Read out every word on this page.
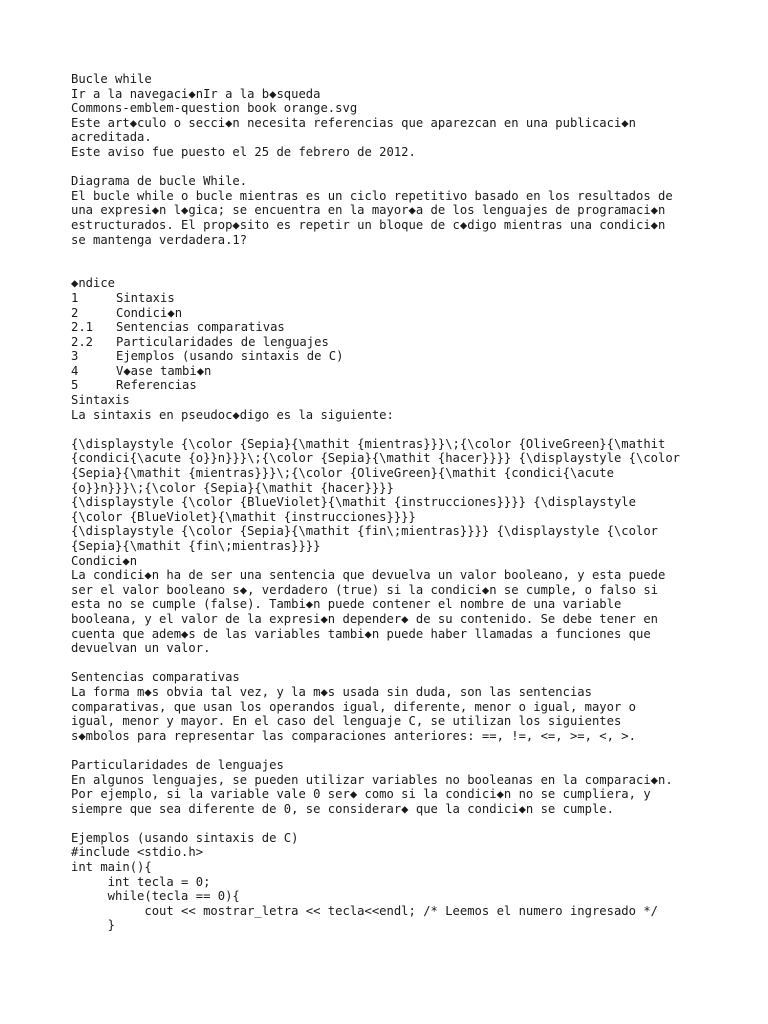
Bucle while
Ir a la navegaci◆nIr a la b◆squeda
Commons-emblem-question book orange.svg
Este art◆culo o secci◆n necesita referencias que aparezcan en una publicaci◆n
acreditada.
Este aviso fue puesto el 25 de febrero de 2012.
Diagrama de bucle While.
El bucle while o bucle mientras es un ciclo repetitivo basado en los resultados de
una expresi◆n l◆gica; se encuentra en la mayor◆a de los lenguajes de programaci◆n
estructurados. El prop◆sito es repetir un bloque de c◆digo mientras una condici◆n
se mantenga verdadera.1?
◆ndice
1	Sintaxis
2	Condici◆n
2.1	Sentencias comparativas
2.2	Particularidades de lenguajes
3	Ejemplos (usando sintaxis de C)
4	V◆ase tambi◆n
5	Referencias
Sintaxis
La sintaxis en pseudoc◆digo es la siguiente:
{\displaystyle {\color {Sepia}{\mathit {mientras}}}\;{\color {OliveGreen}{\mathit
{condici{\acute {o}}n}}}\;{\color {Sepia}{\mathit {hacer}}}} {\displaystyle {\color
{Sepia}{\mathit {mientras}}}\;{\color {OliveGreen}{\mathit {condici{\acute
{o}}n}}}\;{\color {Sepia}{\mathit {hacer}}}}
{\displaystyle {\color {BlueViolet}{\mathit {instrucciones}}}} {\displaystyle
{\color {BlueViolet}{\mathit {instrucciones}}}}
{\displaystyle {\color {Sepia}{\mathit {fin\;mientras}}}} {\displaystyle {\color
{Sepia}{\mathit {fin\;mientras}}}}
Condici◆n
La condici◆n ha de ser una sentencia que devuelva un valor booleano, y esta puede
ser el valor booleano s◆, verdadero (true) si la condici◆n se cumple, o falso si
esta no se cumple (false). Tambi◆n puede contener el nombre de una variable
booleana, y el valor de la expresi◆n depender◆ de su contenido. Se debe tener en
cuenta que adem◆s de las variables tambi◆n puede haber llamadas a funciones que
devuelvan un valor.
Sentencias comparativas
La forma m◆s obvia tal vez, y la m◆s usada sin duda, son las sentencias
comparativas, que usan los operandos igual, diferente, menor o igual, mayor o
igual, menor y mayor. En el caso del lenguaje C, se utilizan los siguientes
s◆mbolos para representar las comparaciones anteriores: ==, !=, <=, >=, <, >.
Particularidades de lenguajes
En algunos lenguajes, se pueden utilizar variables no booleanas en la comparaci◆n.
Por ejemplo, si la variable vale 0 ser◆ como si la condici◆n no se cumpliera, y
siempre que sea diferente de 0, se considerar◆ que la condici◆n se cumple.
Ejemplos (usando sintaxis de C)
#include <stdio.h>
int main(){
int tecla = 0;
while(tecla == 0){
cout << mostrar_letra << tecla<<endl; /* Leemos el numero ingresado */
}
